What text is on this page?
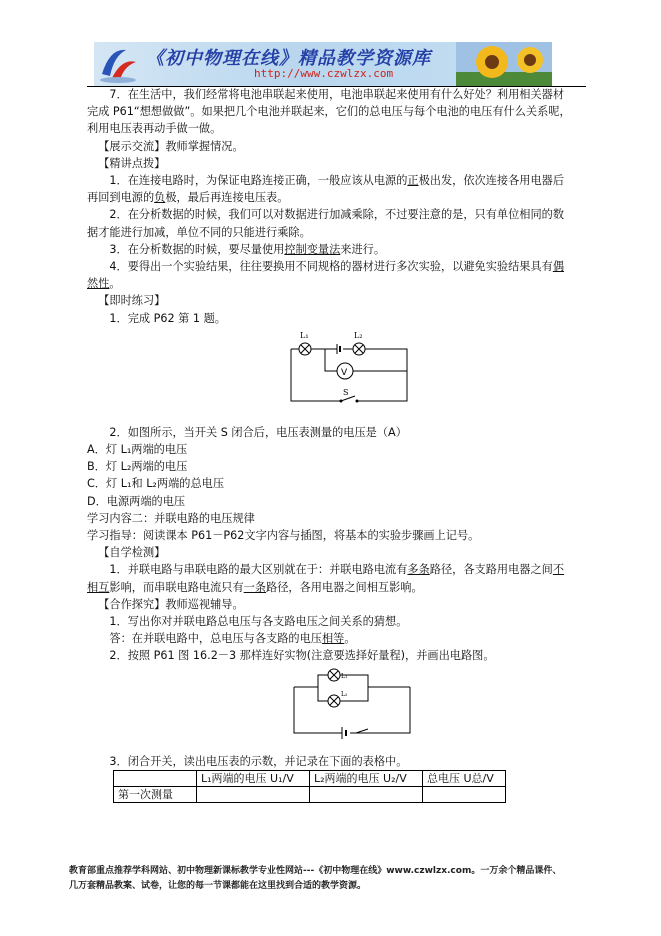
《初中物理在线》精品教学资源库
http://www.czwlzx.com

7．在生活中，我们经常将电池串联起来使用，电池串联起来使用有什么好处？利用相关器材

完成 P61“想想做做”。如果把几个电池并联起来，它们的总电压与每个电池的电压有什么关系呢，

利用电压表再动手做一做。

【展示交流】教师掌握情况。

【精讲点拨】

1．在连接电路时，为保证电路连接正确，一般应该从电源的正极出发，依次连接各用电器后

再回到电源的负极，最后再连接电压表。

2．在分析数据的时候，我们可以对数据进行加减乘除，不过要注意的是，只有单位相同的数

据才能进行加减，单位不同的只能进行乘除。

3．在分析数据的时候，要尽量使用控制变量法来进行。

4．要得出一个实验结果，往往要换用不同规格的器材进行多次实验，以避免实验结果具有偶

然性。

【即时练习】

1．完成 P62 第 1 题。

L₁	L₂
V
S

2．如图所示，当开关 S 闭合后，电压表测量的电压是（A）

A．灯 L₁两端的电压

B．灯 L₂两端的电压

C．灯 L₁和 L₂两端的总电压

D．电源两端的电压

学习内容二：并联电路的电压规律

学习指导：阅读课本 P61－P62文字内容与插图，将基本的实验步骤画上记号。

【自学检测】

1．并联电路与串联电路的最大区别就在于：并联电路电流有多条路径，各支路用电器之间不

相互影响，而串联电路电流只有一条路径，各用电器之间相互影响。

【合作探究】教师巡视辅导。

1．写出你对并联电路总电压与各支路电压之间关系的猜想。

答：在并联电路中，总电压与各支路的电压相等。

2．按照 P61 图 16.2－3 那样连好实物(注意要选择好量程)，并画出电路图。

L₁
L₂

3．闭合开关，读出电压表的示数，并记录在下面的表格中。

	L₁两端的电压 U₁/V	L₂两端的电压 U₂/V	总电压 U总/V
第一次测量			
教育部重点推荐学科网站、初中物理新课标教学专业性网站---《初中物理在线》www.czwlzx.com。一万余个精品课件、
几万套精品教案、试卷，让您的每一节课都能在这里找到合适的教学资源。
